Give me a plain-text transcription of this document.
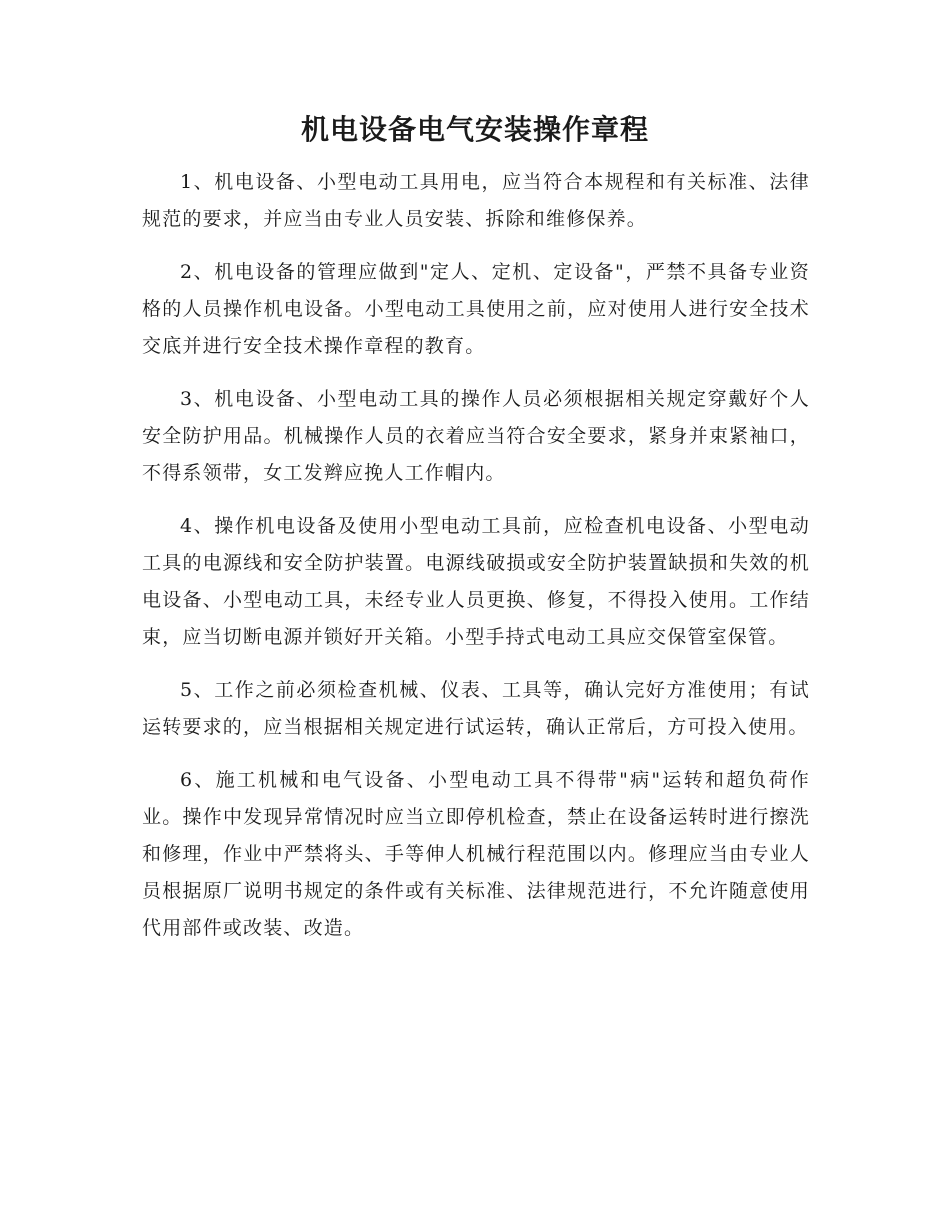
机电设备电气安装操作章程

1、机电设备、小型电动工具用电，应当符合本规程和有关标准、法律规范的要求，并应当由专业人员安装、拆除和维修保养。

2、机电设备的管理应做到"定人、定机、定设备"，严禁不具备专业资格的人员操作机电设备。小型电动工具使用之前，应对使用人进行安全技术交底并进行安全技术操作章程的教育。

3、机电设备、小型电动工具的操作人员必须根据相关规定穿戴好个人安全防护用品。机械操作人员的衣着应当符合安全要求，紧身并束紧袖口，不得系领带，女工发辫应挽人工作帽内。

4、操作机电设备及使用小型电动工具前，应检查机电设备、小型电动工具的电源线和安全防护装置。电源线破损或安全防护装置缺损和失效的机电设备、小型电动工具，未经专业人员更换、修复，不得投入使用。工作结束，应当切断电源并锁好开关箱。小型手持式电动工具应交保管室保管。

5、工作之前必须检查机械、仪表、工具等，确认完好方准使用；有试运转要求的，应当根据相关规定进行试运转，确认正常后，方可投入使用。

6、施工机械和电气设备、小型电动工具不得带"病"运转和超负荷作业。操作中发现异常情况时应当立即停机检查，禁止在设备运转时进行擦洗和修理，作业中严禁将头、手等伸人机械行程范围以内。修理应当由专业人员根据原厂说明书规定的条件或有关标准、法律规范进行，不允许随意使用代用部件或改装、改造。
